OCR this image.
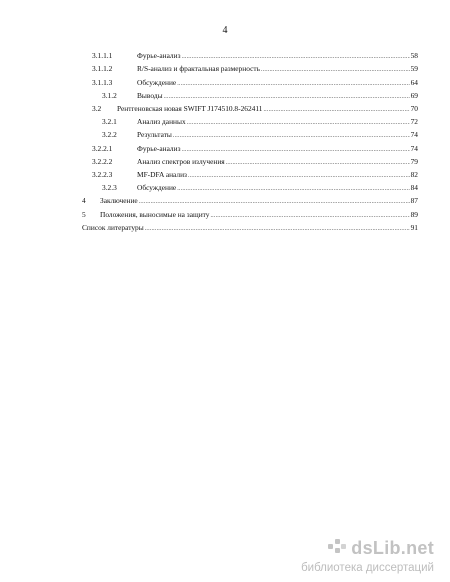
4
3.1.1.1	Фурье-анализ .....	58
3.1.1.2	R/S-анализ и фрактальная размерность .....	59
3.1.1.3	Обсуждение .....	64
3.1.2	Выводы .....	69
3.2	Рентгеновская новая SWIFT J174510.8-262411 .....	70
3.2.1	Анализ данных .....	72
3.2.2	Результаты .....	74
3.2.2.1	Фурье-анализ .....	74
3.2.2.2	Анализ спектров излучения .....	79
3.2.2.3	MF-DFA анализ .....	82
3.2.3	Обсуждение .....	84
4	Заключение .....	87
5	Положения, выносимые на защиту .....	89
Список литературы .....	91
dsLib.net
библиотека диссертаций
